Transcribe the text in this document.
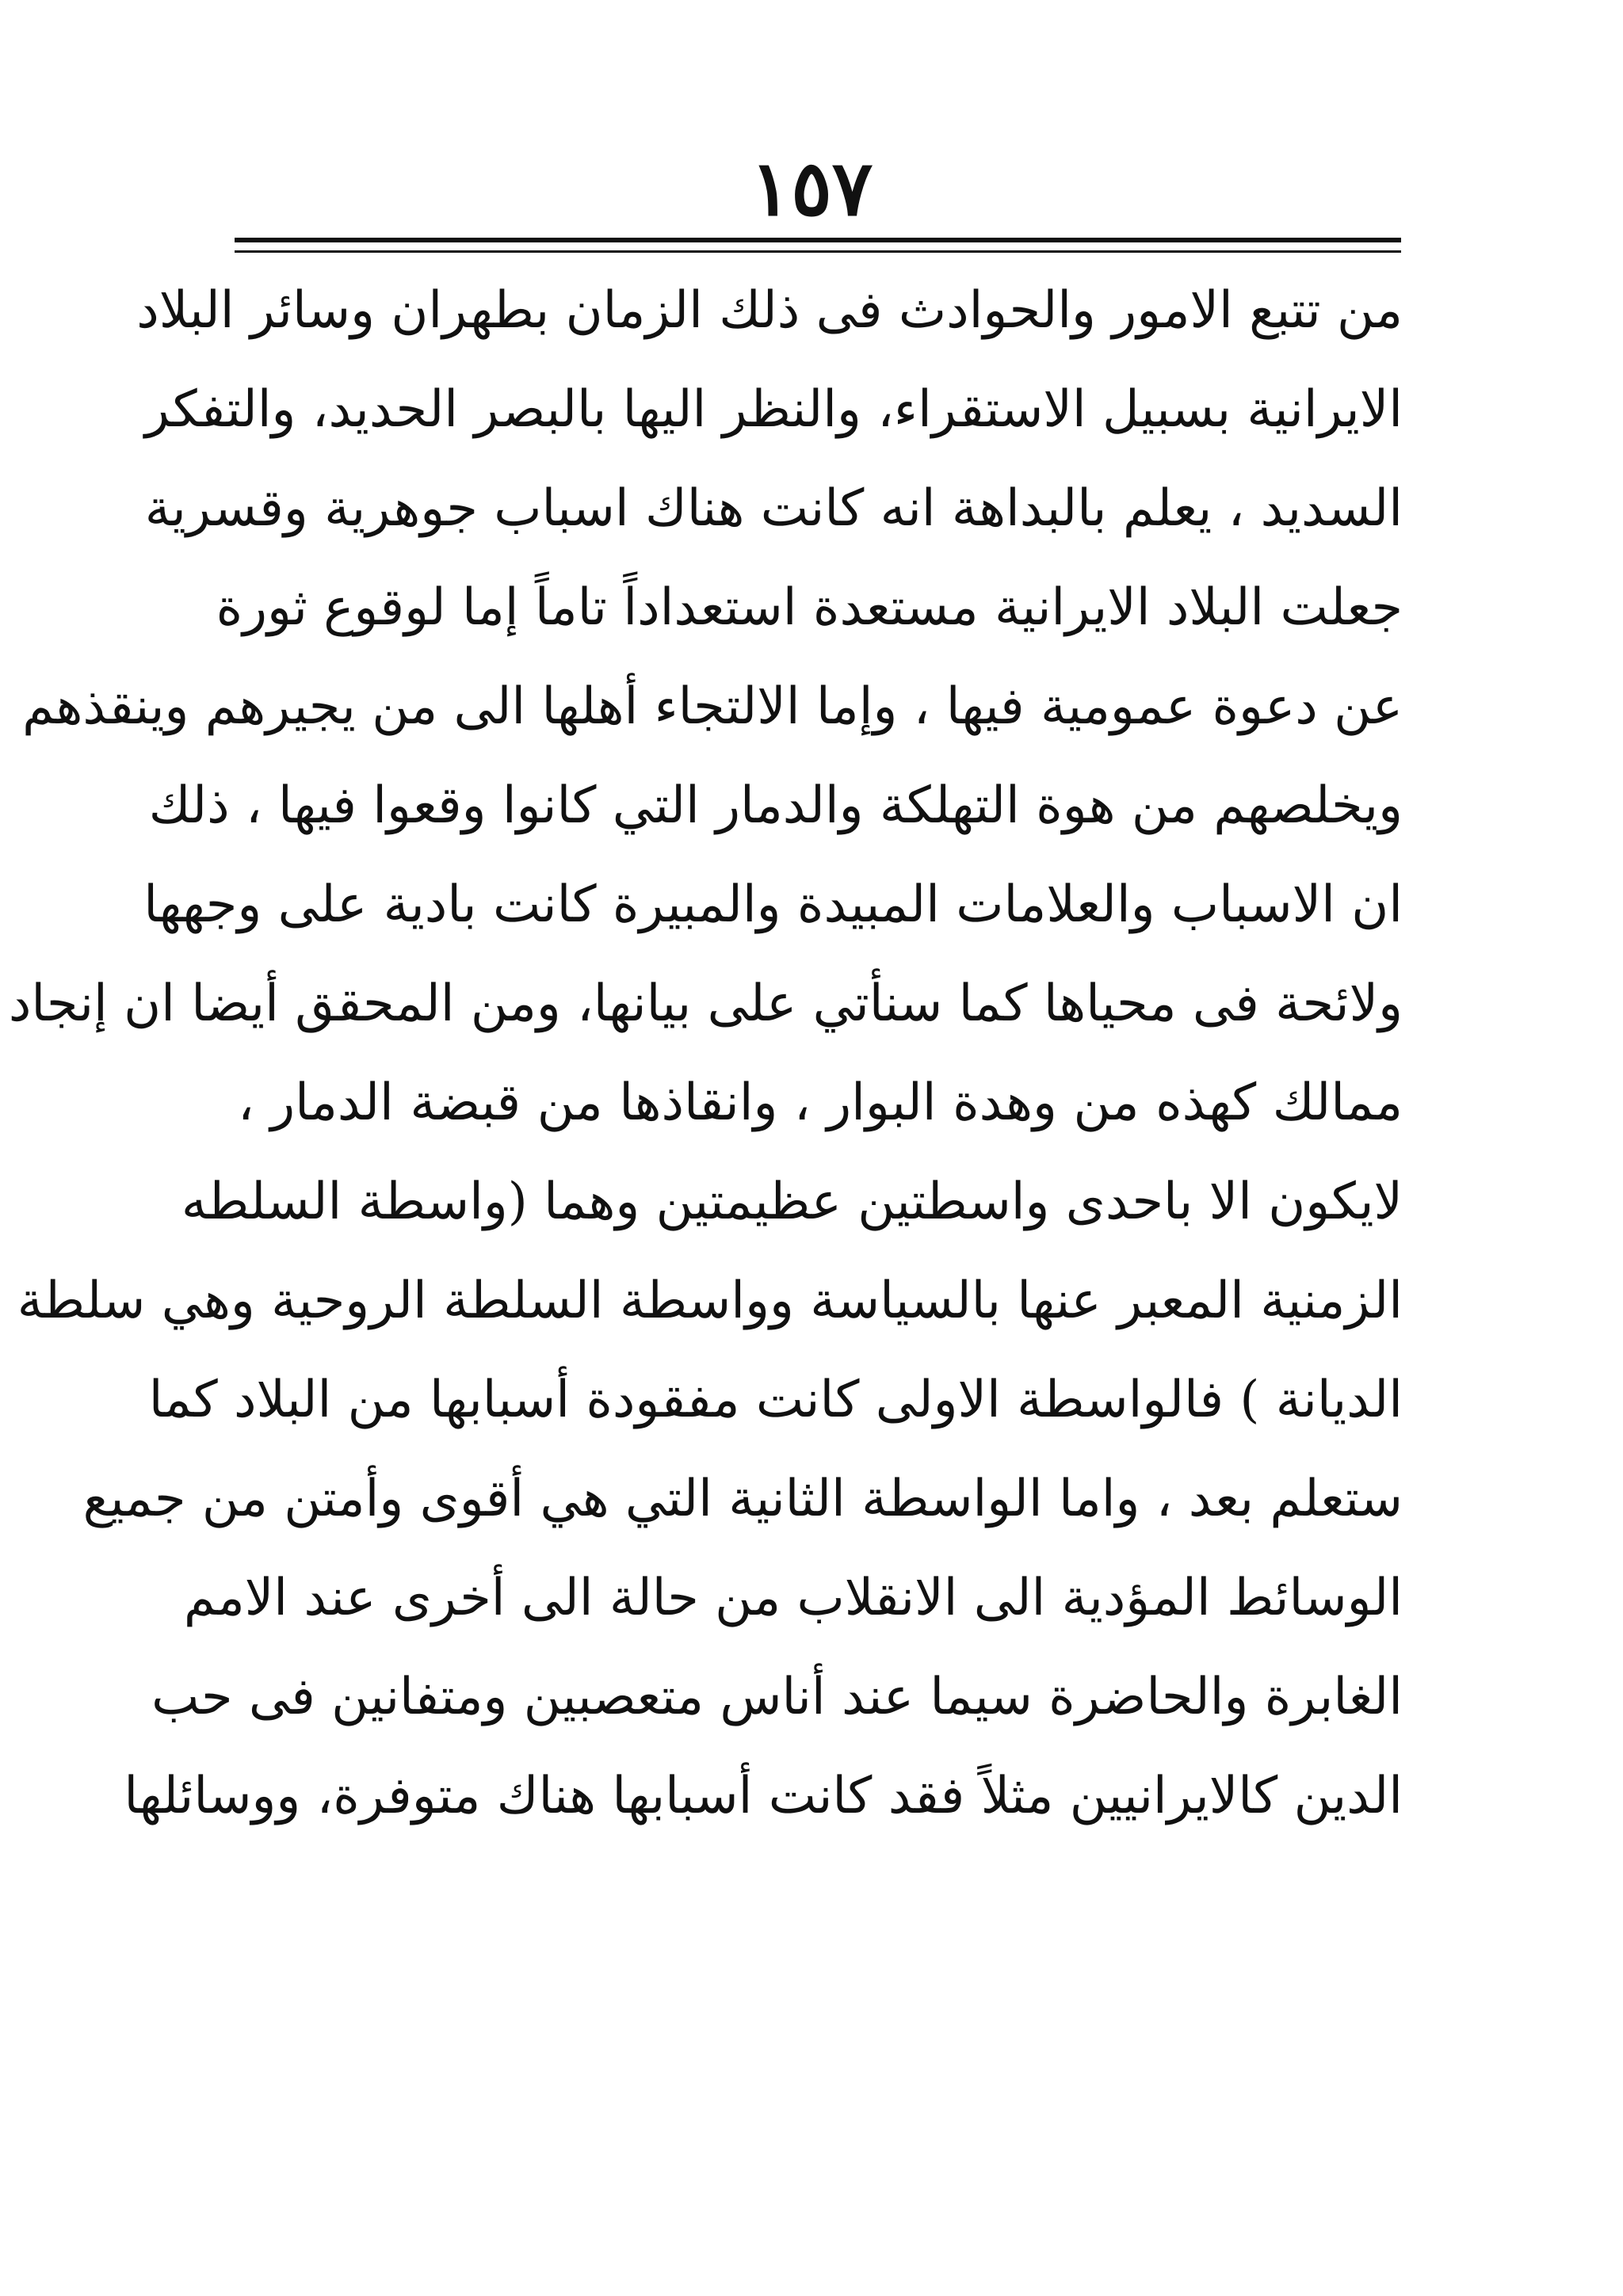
١٥٧
من تتبع الامور والحوادث فى ذلك الزمان بطهران وسائر البلاد
الايرانية بسبيل الاستقراء، والنظر اليها بالبصر الحديد، والتفكر
السديد ، يعلم بالبداهة انه كانت هناك اسباب جوهرية وقسرية
جعلت البلاد الايرانية مستعدة استعداداً تاماً إما لوقوع ثورة
عن دعوة عمومية فيها ، وإما الالتجاء أهلها الى من يجيرهم وينقذهم
ويخلصهم من هوة التهلكة والدمار التي كانوا وقعوا فيها ، ذلك
ان الاسباب والعلامات المبيدة والمبيرة كانت بادية على وجهها
ولائحة فى محياها كما سنأتي على بيانها، ومن المحقق أيضا ان إنجاد
ممالك كهذه من وهدة البوار ، وانقاذها من قبضة الدمار ،
لايكون الا باحدى واسطتين عظيمتين وهما (واسطة السلطه
الزمنية المعبر عنها بالسياسة وواسطة السلطة الروحية وهي سلطة
الديانة ) فالواسطة الاولى كانت مفقودة أسبابها من البلاد كما
ستعلم بعد ، واما الواسطة الثانية التي هي أقوى وأمتن من جميع
الوسائط المؤدية الى الانقلاب من حالة الى أخرى عند الامم
الغابرة والحاضرة سيما عند أناس متعصبين ومتفانين فى حب
الدين كالايرانيين مثلاً فقد كانت أسبابها هناك متوفرة، ووسائلها
